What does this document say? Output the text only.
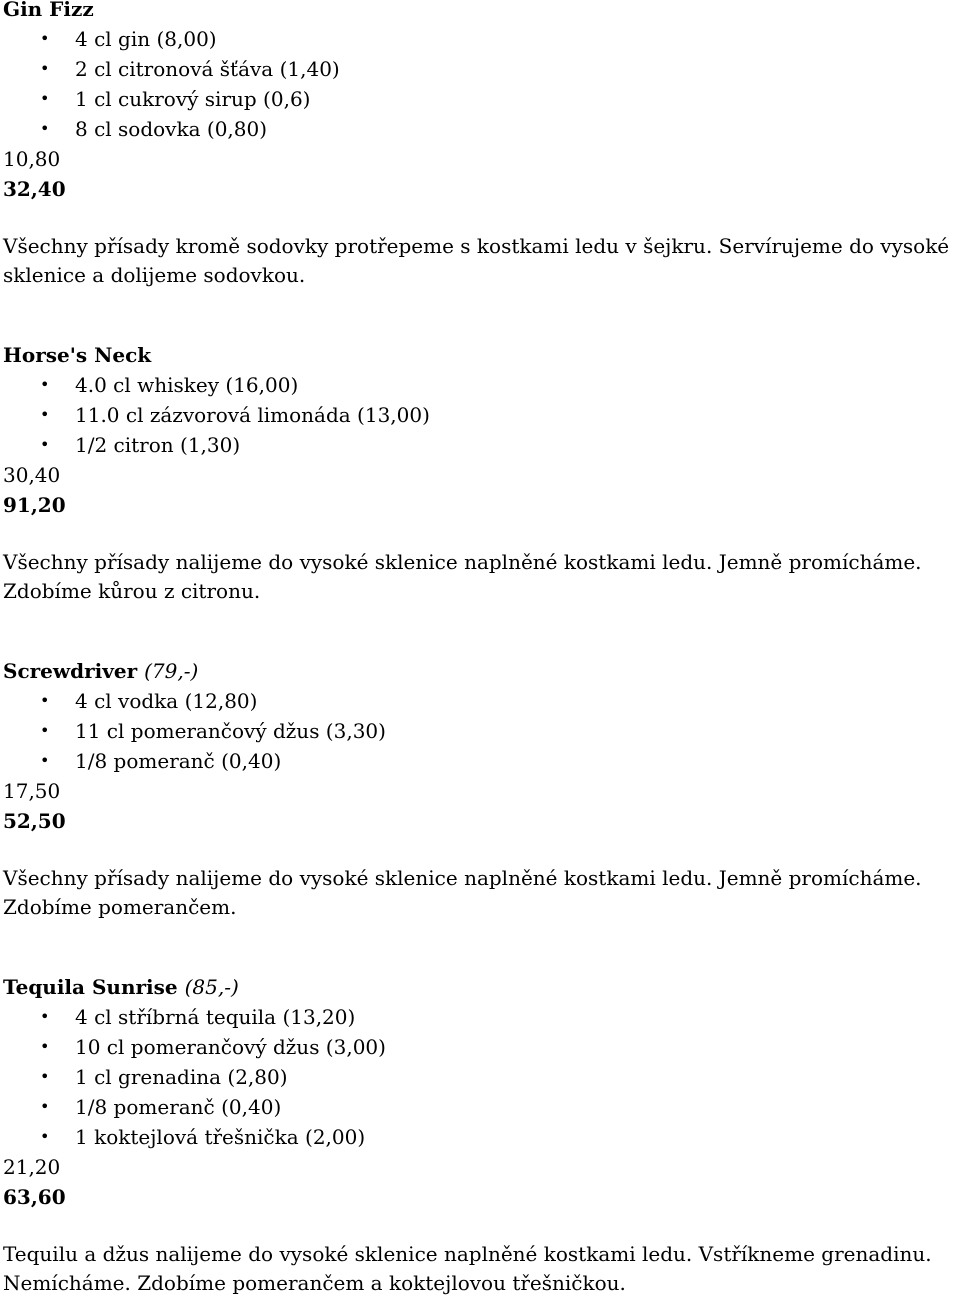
Gin Fizz
• 4 cl gin (8,00)
• 2 cl citronová šťáva (1,40)
• 1 cl cukrový sirup (0,6)
• 8 cl sodovka (0,80)
10,80
32,40
Všechny přísady kromě sodovky protřepeme s kostkami ledu v šejkru. Servírujeme do vysoké sklenice a dolijeme sodovkou.
Horse's Neck
• 4.0 cl whiskey (16,00)
• 11.0 cl zázvorová limonáda (13,00)
• 1/2 citron (1,30)
30,40
91,20
Všechny přísady nalijeme do vysoké sklenice naplněné kostkami ledu. Jemně promícháme. Zdobíme kůrou z citronu.
Screwdriver (79,-)
• 4 cl vodka (12,80)
• 11 cl pomerančový džus (3,30)
• 1/8 pomeranč (0,40)
17,50
52,50
Všechny přísady nalijeme do vysoké sklenice naplněné kostkami ledu. Jemně promícháme. Zdobíme pomerančem.
Tequila Sunrise (85,-)
• 4 cl stříbrná tequila (13,20)
• 10 cl pomerančový džus (3,00)
• 1 cl grenadina (2,80)
• 1/8 pomeranč (0,40)
• 1 koktejlová třešnička (2,00)
21,20
63,60
Tequilu a džus nalijeme do vysoké sklenice naplněné kostkami ledu. Vstříkneme grenadinu. Nemícháme. Zdobíme pomerančem a koktejlovou třešničkou.
